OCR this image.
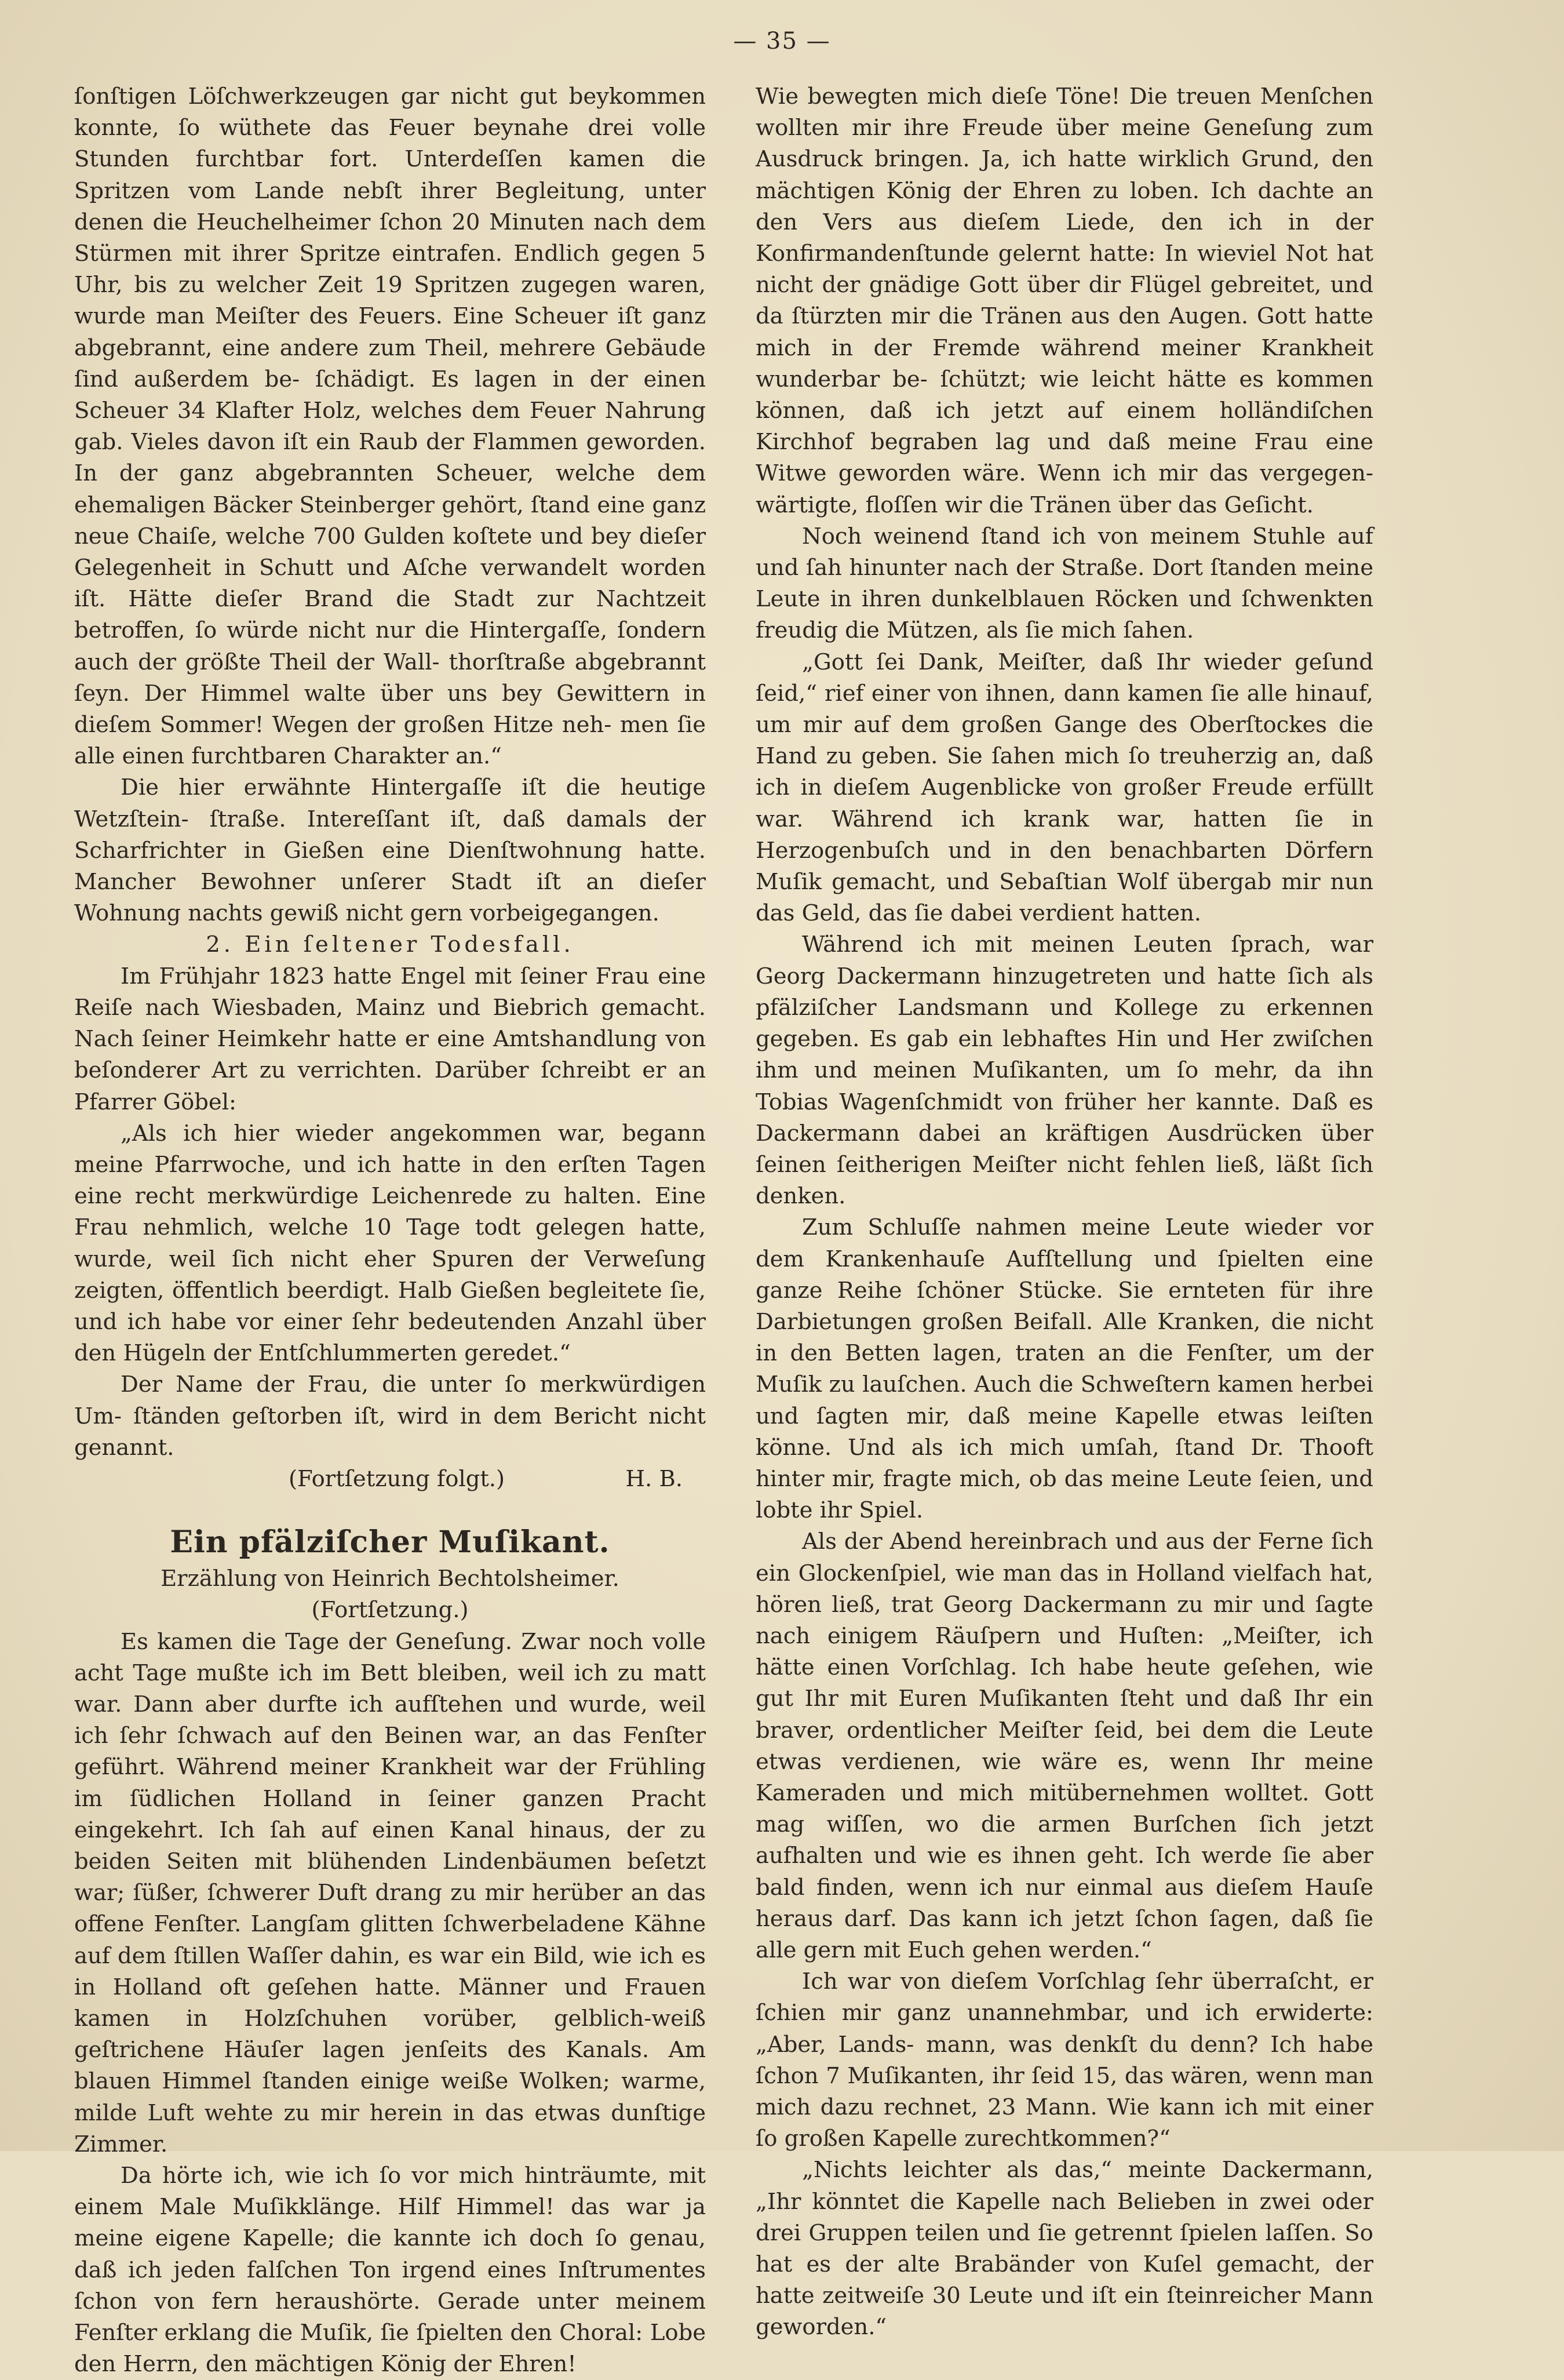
— 35 —

ſonſtigen Löſchwerkzeugen gar nicht gut beykommen konnte, ſo wüthete das Feuer beynahe drei volle Stunden furchtbar fort. Unterdeſſen kamen die Spritzen vom Lande nebſt ihrer Begleitung, unter denen die Heuchelheimer ſchon 20 Minuten nach dem Stürmen mit ihrer Spritze eintrafen. Endlich gegen 5 Uhr, bis zu welcher Zeit 19 Spritzen zugegen waren, wurde man Meiſter des Feuers. Eine Scheuer iſt ganz abgebrannt, eine andere zum Theil, mehrere Gebäude ſind außerdem be- ſchädigt. Es lagen in der einen Scheuer 34 Klafter Holz, welches dem Feuer Nahrung gab. Vieles davon iſt ein Raub der Flammen geworden. In der ganz abgebrannten Scheuer, welche dem ehemaligen Bäcker Steinberger gehört, ſtand eine ganz neue Chaiſe, welche 700 Gulden koſtete und bey dieſer Gelegenheit in Schutt und Aſche verwandelt worden iſt. Hätte dieſer Brand die Stadt zur Nachtzeit betroffen, ſo würde nicht nur die Hintergaſſe, ſondern auch der größte Theil der Wall- thorſtraße abgebrannt ſeyn. Der Himmel walte über uns bey Gewittern in dieſem Sommer! Wegen der großen Hitze neh- men ſie alle einen furchtbaren Charakter an.“

Die hier erwähnte Hintergaſſe iſt die heutige Wetzſtein- ſtraße. Intereſſant iſt, daß damals der Scharfrichter in Gießen eine Dienſtwohnung hatte. Mancher Bewohner unſerer Stadt iſt an dieſer Wohnung nachts gewiß nicht gern vorbeigegangen.

2. Ein ſeltener Todesfall.

Im Frühjahr 1823 hatte Engel mit ſeiner Frau eine Reiſe nach Wiesbaden, Mainz und Biebrich gemacht. Nach ſeiner Heimkehr hatte er eine Amtshandlung von beſonderer Art zu verrichten. Darüber ſchreibt er an Pfarrer Göbel:

„Als ich hier wieder angekommen war, begann meine Pfarrwoche, und ich hatte in den erſten Tagen eine recht merkwürdige Leichenrede zu halten. Eine Frau nehmlich, welche 10 Tage todt gelegen hatte, wurde, weil ſich nicht eher Spuren der Verweſung zeigten, öffentlich beerdigt. Halb Gießen begleitete ſie, und ich habe vor einer ſehr bedeutenden Anzahl über den Hügeln der Entſchlummerten geredet.“

Der Name der Frau, die unter ſo merkwürdigen Um- ſtänden geſtorben iſt, wird in dem Bericht nicht genannt.

(Fortſetzung folgt.)	H. B.
Ein pfälziſcher Muſikant.
Erzählung von Heinrich Bechtolsheimer.
(Fortſetzung.)

Es kamen die Tage der Geneſung. Zwar noch volle acht Tage mußte ich im Bett bleiben, weil ich zu matt war. Dann aber durfte ich aufſtehen und wurde, weil ich ſehr ſchwach auf den Beinen war, an das Fenſter geführt. Während meiner Krankheit war der Frühling im ſüdlichen Holland in ſeiner ganzen Pracht eingekehrt. Ich ſah auf einen Kanal hinaus, der zu beiden Seiten mit blühenden Lindenbäumen beſetzt war; ſüßer, ſchwerer Duft drang zu mir herüber an das offene Fenſter. Langſam glitten ſchwerbeladene Kähne auf dem ſtillen Waſſer dahin, es war ein Bild, wie ich es in Holland oft geſehen hatte. Männer und Frauen kamen in Holzſchuhen vorüber, gelblich-weiß geſtrichene Häuſer lagen jenſeits des Kanals. Am blauen Himmel ſtanden einige weiße Wolken; warme, milde Luft wehte zu mir herein in das etwas dunſtige Zimmer.

Da hörte ich, wie ich ſo vor mich hinträumte, mit einem Male Muſikklänge. Hilf Himmel! das war ja meine eigene Kapelle; die kannte ich doch ſo genau, daß ich jeden falſchen Ton irgend eines Inſtrumentes ſchon von fern heraushörte. Gerade unter meinem Fenſter erklang die Muſik, ſie ſpielten den Choral: Lobe den Herrn, den mächtigen König der Ehren!

Wie bewegten mich dieſe Töne! Die treuen Menſchen wollten mir ihre Freude über meine Geneſung zum Ausdruck bringen. Ja, ich hatte wirklich Grund, den mächtigen König der Ehren zu loben. Ich dachte an den Vers aus dieſem Liede, den ich in der Konfirmandenſtunde gelernt hatte: In wieviel Not hat nicht der gnädige Gott über dir Flügel gebreitet, und da ſtürzten mir die Tränen aus den Augen. Gott hatte mich in der Fremde während meiner Krankheit wunderbar be- ſchützt; wie leicht hätte es kommen können, daß ich jetzt auf einem holländiſchen Kirchhof begraben lag und daß meine Frau eine Witwe geworden wäre. Wenn ich mir das vergegen- wärtigte, floſſen wir die Tränen über das Geſicht.

Noch weinend ſtand ich von meinem Stuhle auf und ſah hinunter nach der Straße. Dort ſtanden meine Leute in ihren dunkelblauen Röcken und ſchwenkten freudig die Mützen, als ſie mich ſahen.

„Gott ſei Dank, Meiſter, daß Ihr wieder geſund ſeid,“ rief einer von ihnen, dann kamen ſie alle hinauf, um mir auf dem großen Gange des Oberſtockes die Hand zu geben. Sie ſahen mich ſo treuherzig an, daß ich in dieſem Augenblicke von großer Freude erfüllt war. Während ich krank war, hatten ſie in Herzogenbuſch und in den benachbarten Dörfern Muſik gemacht, und Sebaſtian Wolf übergab mir nun das Geld, das ſie dabei verdient hatten.

Während ich mit meinen Leuten ſprach, war Georg Dackermann hinzugetreten und hatte ſich als pfälziſcher Landsmann und Kollege zu erkennen gegeben. Es gab ein lebhaftes Hin und Her zwiſchen ihm und meinen Muſikanten, um ſo mehr, da ihn Tobias Wagenſchmidt von früher her kannte. Daß es Dackermann dabei an kräftigen Ausdrücken über ſeinen ſeitherigen Meiſter nicht fehlen ließ, läßt ſich denken.

Zum Schluſſe nahmen meine Leute wieder vor dem Krankenhauſe Aufſtellung und ſpielten eine ganze Reihe ſchöner Stücke. Sie ernteten für ihre Darbietungen großen Beifall. Alle Kranken, die nicht in den Betten lagen, traten an die Fenſter, um der Muſik zu lauſchen. Auch die Schweſtern kamen herbei und ſagten mir, daß meine Kapelle etwas leiſten könne. Und als ich mich umſah, ſtand Dr. Thooft hinter mir, fragte mich, ob das meine Leute ſeien, und lobte ihr Spiel.

Als der Abend hereinbrach und aus der Ferne ſich ein Glockenſpiel, wie man das in Holland vielfach hat, hören ließ, trat Georg Dackermann zu mir und ſagte nach einigem Räuſpern und Huſten: „Meiſter, ich hätte einen Vorſchlag. Ich habe heute geſehen, wie gut Ihr mit Euren Muſikanten ſteht und daß Ihr ein braver, ordentlicher Meiſter ſeid, bei dem die Leute etwas verdienen, wie wäre es, wenn Ihr meine Kameraden und mich mitübernehmen wolltet. Gott mag wiſſen, wo die armen Burſchen ſich jetzt aufhalten und wie es ihnen geht. Ich werde ſie aber bald finden, wenn ich nur einmal aus dieſem Hauſe heraus darf. Das kann ich jetzt ſchon ſagen, daß ſie alle gern mit Euch gehen werden.“

Ich war von dieſem Vorſchlag ſehr überraſcht, er ſchien mir ganz unannehmbar, und ich erwiderte: „Aber, Lands- mann, was denkſt du denn? Ich habe ſchon 7 Muſikanten, ihr ſeid 15, das wären, wenn man mich dazu rechnet, 23 Mann. Wie kann ich mit einer ſo großen Kapelle zurechtkommen?“

„Nichts leichter als das,“ meinte Dackermann, „Ihr könntet die Kapelle nach Belieben in zwei oder drei Gruppen teilen und ſie getrennt ſpielen laſſen. So hat es der alte Brabänder von Kuſel gemacht, der hatte zeitweiſe 30 Leute und iſt ein ſteinreicher Mann geworden.“
